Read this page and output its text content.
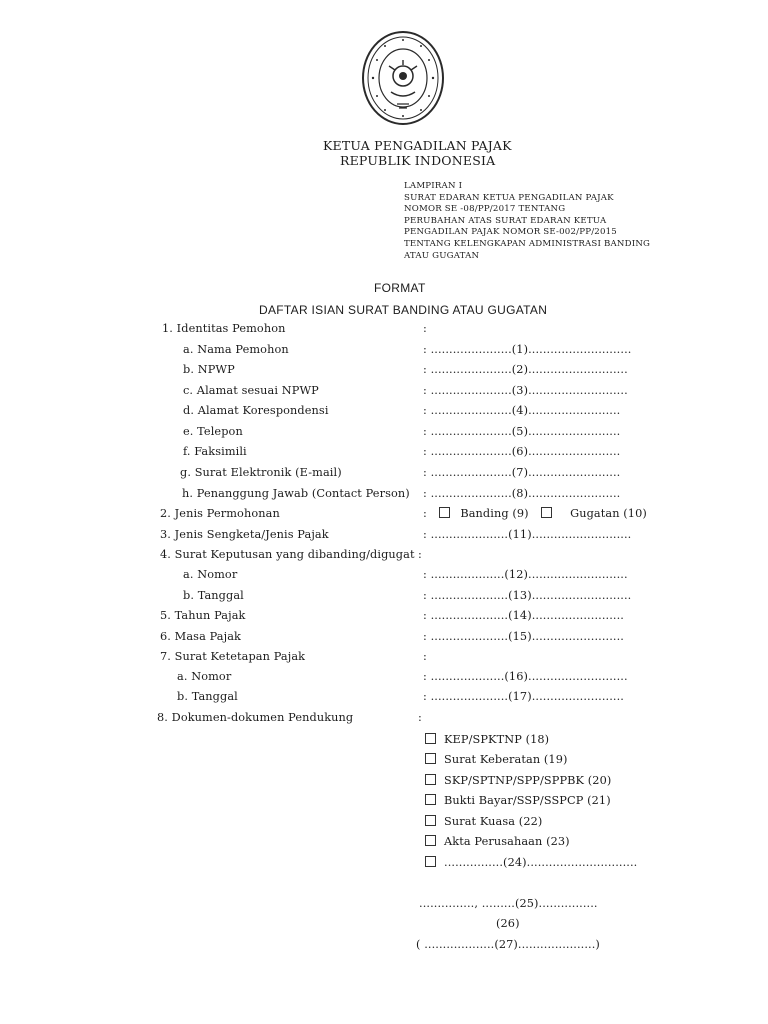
KETUA PENGADILAN PAJAK
REPUBLIK INDONESIA
LAMPIRAN I
SURAT EDARAN KETUA PENGADILAN PAJAK
NOMOR SE -08/PP/2017 TENTANG
PERUBAHAN ATAS SURAT EDARAN KETUA
PENGADILAN PAJAK NOMOR SE-002/PP/2015
TENTANG KELENGKAPAN ADMINISTRASI BANDING
ATAU GUGATAN
FORMAT
DAFTAR ISIAN SURAT BANDING ATAU GUGATAN
1. Identitas Pemohon	:
a. Nama Pemohon	: ......................(1)............................
b. NPWP	: ......................(2)...........................
c. Alamat sesuai NPWP	: ......................(3)...........................
d. Alamat Korespondensi	: ......................(4).........................
e. Telepon	: ......................(5).........................
f. Faksimili	: ......................(6).........................
g. Surat Elektronik (E-mail)	: ......................(7).........................
h. Penanggung Jawab (Contact Person) : ......................(8).........................
2. Jenis Permohonan	:	Banding (9)	Gugatan (10)
3. Jenis Sengketa/Jenis Pajak	: .....................(11)...........................
4. Surat Keputusan yang dibanding/digugat :
a. Nomor	: ....................(12)...........................
b. Tanggal	: .....................(13)...........................
5. Tahun Pajak	: .....................(14).........................
6. Masa Pajak	: .....................(15).........................
7. Surat Ketetapan Pajak	:
a. Nomor	: ....................(16)...........................
b. Tanggal	: .....................(17).........................
8. Dokumen-dokumen Pendukung	:
KEP/SPKTNP (18)
Surat Keberatan (19)
SKP/SPTNP/SPP/SPPBK (20)
Bukti Bayar/SSP/SSPCP (21)
Surat Kuasa (22)
Akta Perusahaan (23)
................(24)..............................
..............., .........(25)................
(26)
( ...................(27).....................)
